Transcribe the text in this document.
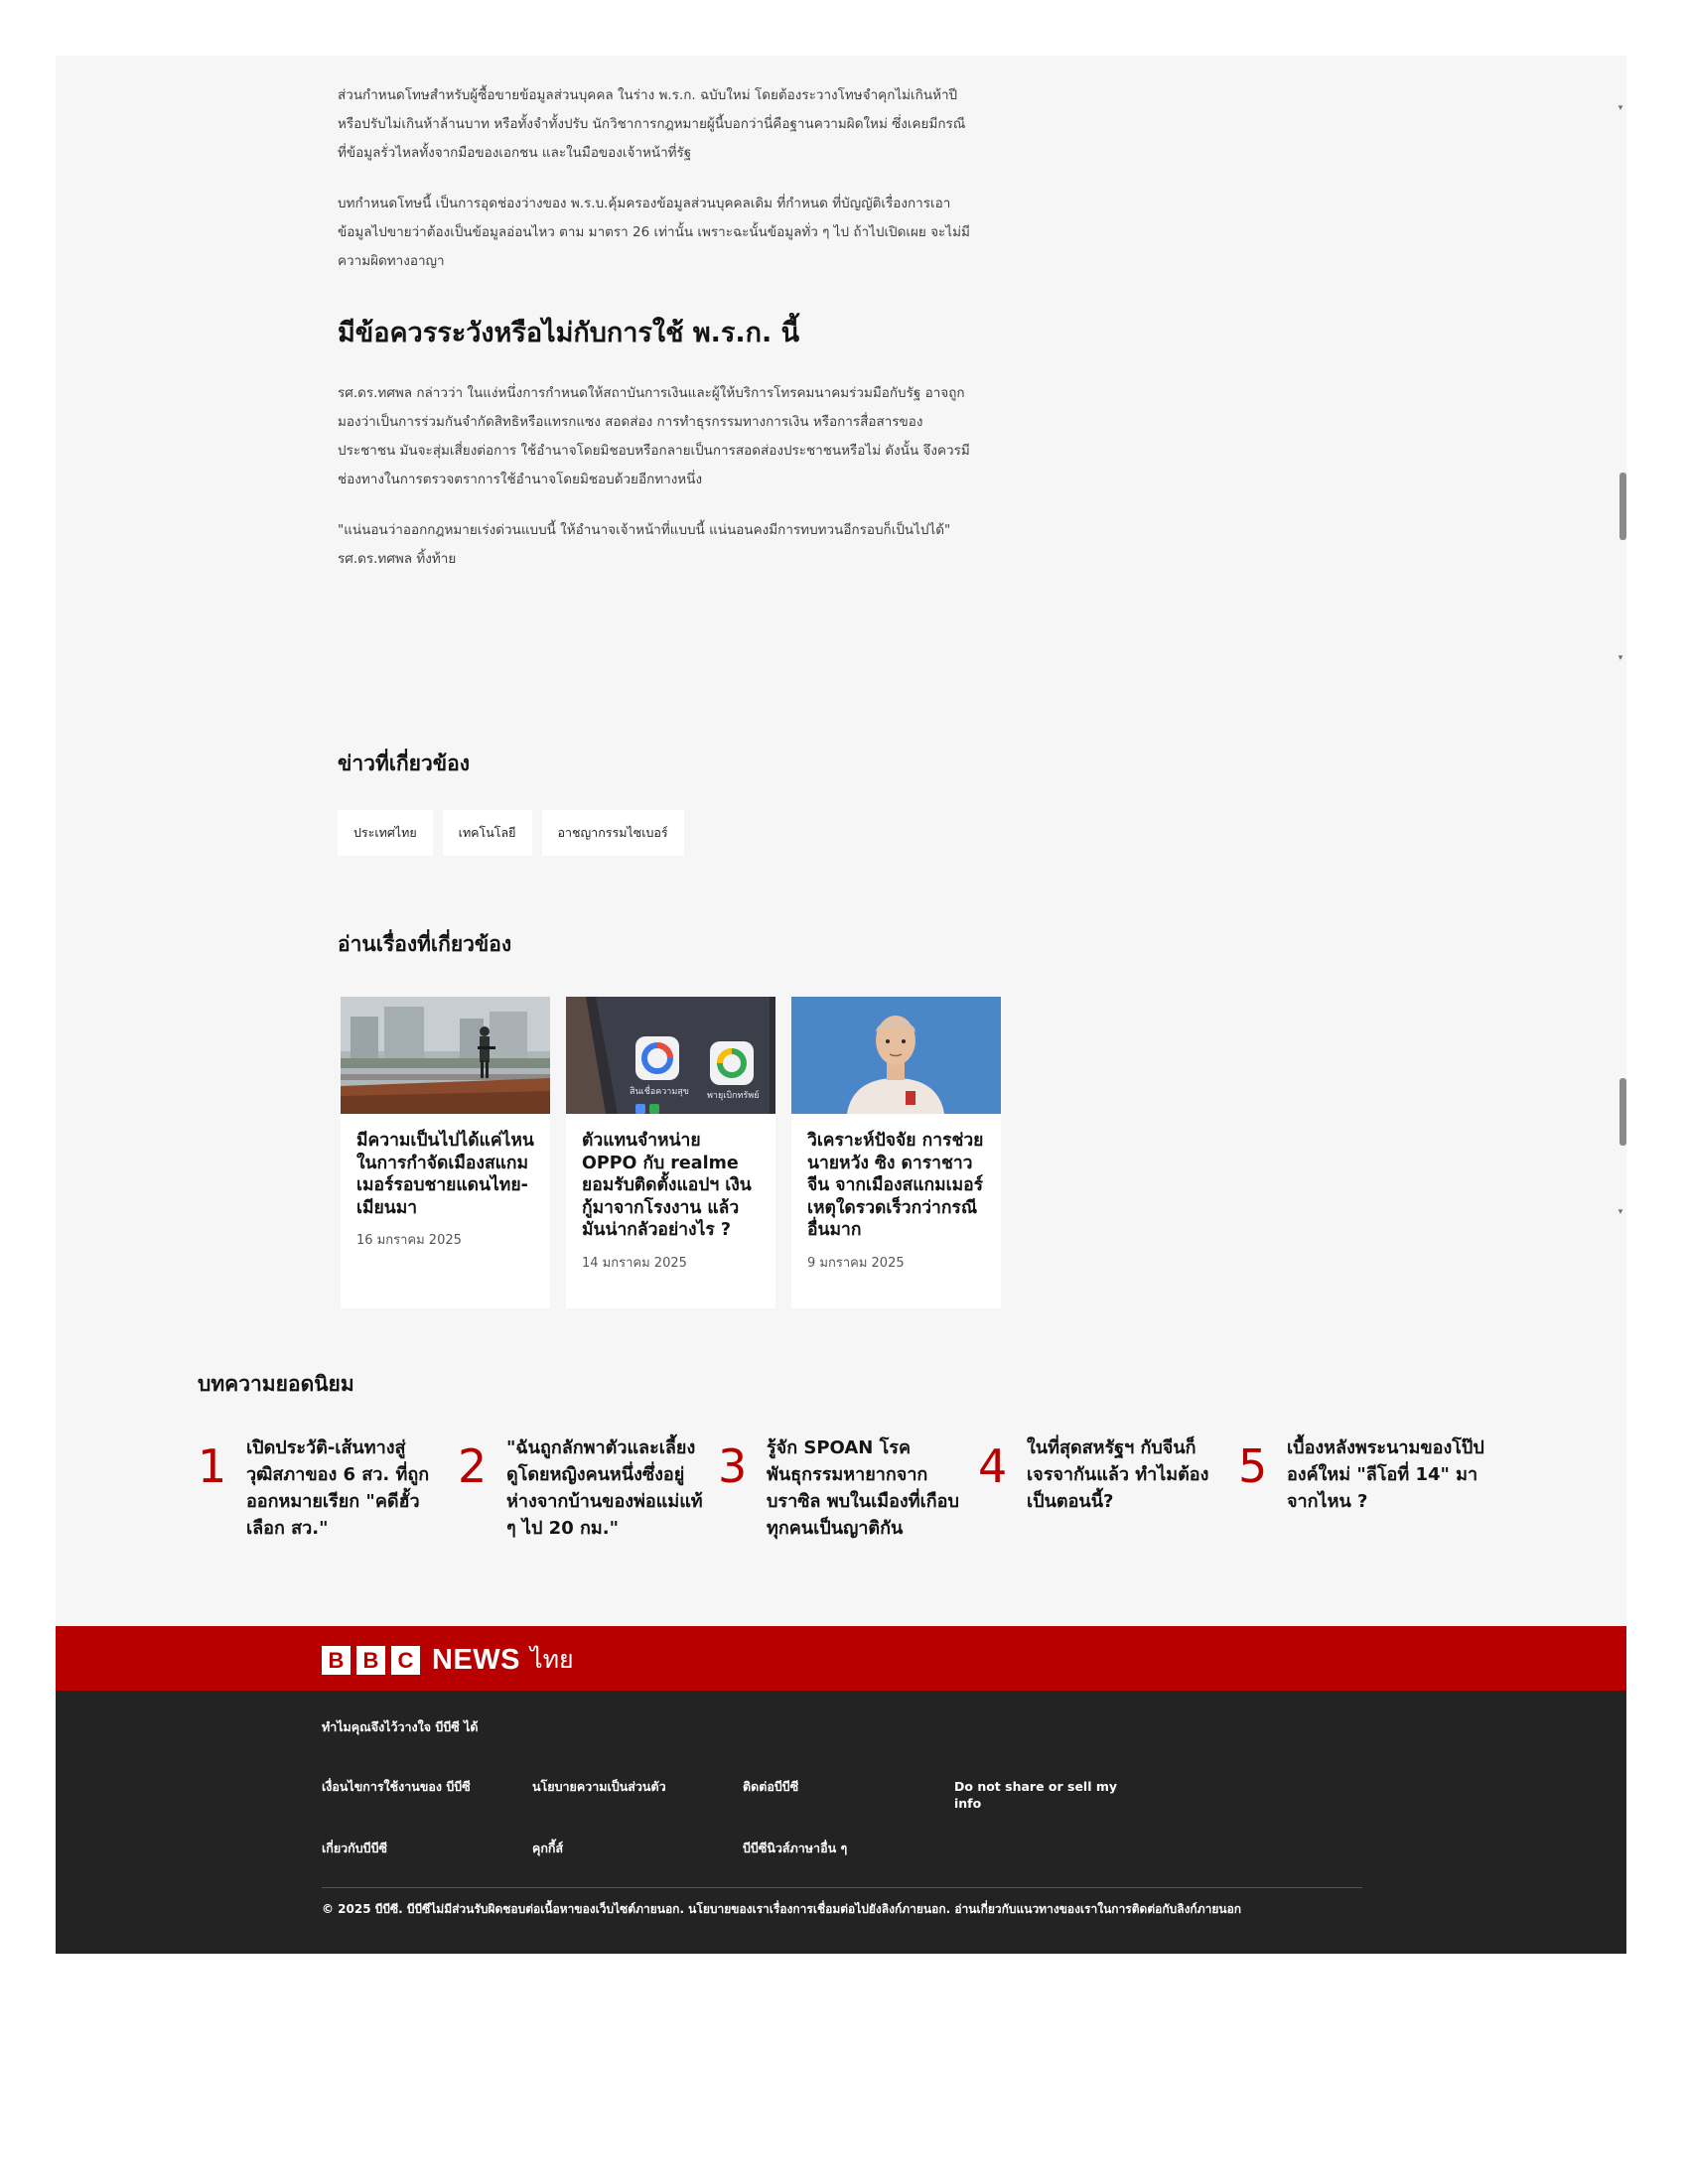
▾
▾
▾

ส่วนกำหนดโทษสำหรับผู้ซื้อขายข้อมูลส่วนบุคคล ในร่าง พ.ร.ก. ฉบับใหม่ โดยต้องระวางโทษจำคุกไม่เกินห้าปี หรือปรับไม่เกินห้าล้านบาท หรือทั้งจำทั้งปรับ นักวิชาการกฎหมายผู้นี้บอกว่านี่คือฐานความผิดใหม่ ซึ่งเคยมีกรณีที่ข้อมูลรั่วไหลทั้งจากมือของเอกชน และในมือของเจ้าหน้าที่รัฐ

บทกำหนดโทษนี้ เป็นการอุดช่องว่างของ พ.ร.บ.คุ้มครองข้อมูลส่วนบุคคลเดิม ที่กำหนด ที่บัญญัติเรื่องการเอาข้อมูลไปขายว่าต้องเป็นข้อมูลอ่อนไหว ตาม มาตรา 26 เท่านั้น เพราะฉะนั้นข้อมูลทั่ว ๆ ไป ถ้าไปเปิดเผย จะไม่มีความผิดทางอาญา

มีข้อควรระวังหรือไม่กับการใช้ พ.ร.ก. นี้

รศ.ดร.ทศพล กล่าวว่า ในแง่หนึ่งการกำหนดให้สถาบันการเงินและผู้ให้บริการโทรคมนาคมร่วมมือกับรัฐ อาจถูกมองว่าเป็นการร่วมกันจำกัดสิทธิหรือแทรกแซง สอดส่อง การทำธุรกรรมทางการเงิน หรือการสื่อสารของประชาชน มันจะสุ่มเสี่ยงต่อการ ใช้อำนาจโดยมิชอบหรือกลายเป็นการสอดส่องประชาชนหรือไม่ ดังนั้น จึงควรมีช่องทางในการตรวจตราการใช้อำนาจโดยมิชอบด้วยอีกทางหนึ่ง

"แน่นอนว่าออกกฎหมายเร่งด่วนแบบนี้ ให้อำนาจเจ้าหน้าที่แบบนี้ แน่นอนคงมีการทบทวนอีกรอบก็เป็นไปได้" รศ.ดร.ทศพล ทิ้งท้าย

ข่าวที่เกี่ยวข้อง
ประเทศไทย	เทคโนโลยี	อาชญากรรมไซเบอร์
อ่านเรื่องที่เกี่ยวข้อง
มีความเป็นไปได้แค่ไหน ในการกำจัดเมืองสแกมเมอร์รอบชายแดนไทย-เมียนมา
16 มกราคม 2025
สินเชื่อความสุข พายุเบิกทรัพย์
ตัวแทนจำหน่าย OPPO กับ realme ยอมรับติดตั้งแอปฯ เงินกู้มาจากโรงงาน แล้วมันน่ากลัวอย่างไร ?
14 มกราคม 2025
วิเคราะห์ปัจจัย การช่วยนายหวัง ซิง ดาราชาวจีน จากเมืองสแกมเมอร์ เหตุใดรวดเร็วกว่ากรณีอื่นมาก
9 มกราคม 2025
บทความยอดนิยม
1	เปิดประวัติ-เส้นทางสู่วุฒิสภาของ 6 สว. ที่ถูกออกหมายเรียก "คดีฮั้วเลือก สว."
2	"ฉันถูกลักพาตัวและเลี้ยงดูโดยหญิงคนหนึ่งซึ่งอยู่ห่างจากบ้านของพ่อแม่แท้ ๆ ไป 20 กม."
3	รู้จัก SPOAN โรคพันธุกรรมหายากจากบราซิล พบในเมืองที่เกือบทุกคนเป็นญาติกัน
4	ในที่สุดสหรัฐฯ กับจีนก็เจรจากันแล้ว ทำไมต้องเป็นตอนนี้?
5	เบื้องหลังพระนามของโป๊ปองค์ใหม่ "ลีโอที่ 14" มาจากไหน ?
B B C NEWS ไทย
ทำไมคุณจึงไว้วางใจ บีบีซี ได้
เงื่อนไขการใช้งานของ บีบีซี	นโยบายความเป็นส่วนตัว	ติดต่อบีบีซี	Do not share or sell my info
เกี่ยวกับบีบีซี	คุกกี้ส์	บีบีซีนิวส์ภาษาอื่น ๆ
© 2025 บีบีซี. บีบีซีไม่มีส่วนรับผิดชอบต่อเนื้อหาของเว็บไซต์ภายนอก. นโยบายของเราเรื่องการเชื่อมต่อไปยังลิงก์ภายนอก. อ่านเกี่ยวกับแนวทางของเราในการติดต่อกับลิงก์ภายนอก
